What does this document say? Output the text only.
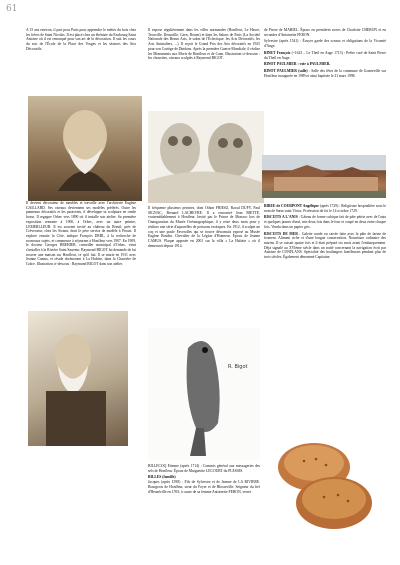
61

A 15 ans environ, il part pour Paris pour apprendre le métier du bois chez les frères de Saint Nicolas. Il est placé chez un ébéniste du Faubourg Saint Antoine où il est remarqué pour son art de la décoration. Il suit les cours du soir de l'École de la Place des Vosges et les séances des Arts Décoratifs.

Il devient décorateur de meubles et travaille avec l'architecte Eugène GAILLARD. Ses oiseaux deviennent ses modèles préférés. Outre les panneaux décoratifs et les paravents, il développe sa sculpture en ronde bosse. Il regagne Orbec vers 1890 où il installe son atelier. Sa première exposition remonte à 1900, à Orbec, avec un autre peintre, LEMERLLEUR. Il est souvent invité au château du Breuil, près de Crèvecœur, chez les Swann, dont le père servira de modèle à Proust. Il explore ensuite la Côte, indique François DEBL, à la recherche de nouveaux sujets, et commence à séjourner à Honfleur vers 1907. En 1909, le docteur Georges BREHIER, conseiller municipal d'Orbec, vient s'installer à la Rivière Saint Sauveur. Raymond BIGOT lui demande de lui trouver une maison sur Honfleur, ce qu'il fait. Il se marie en 1911 avec Jeanne Camus, et réside dorénavant à La Halotte, dans la Charrière de Grâce. Illustration ci-dessous : Raymond BIGOT dans son atelier.

Il expose régulièrement dans les villes normandes (Honfleur, Le Havre, Trouville, Deauville, Caen, Rouen) et dans les Salons de Paris (La Société Nationale des Beaux Arts, le salon de l'Éclectique, les Arts Décoratifs, les Arts Animaliers, ...). Il reçoit le Grand Prix des Arts décoratifs en 1925 pour son Cortège de Dindons. Après la première Guerre Mondiale, il réalise les Monuments aux Morts de Honfleur et de Caen. Illustration ci-dessous : les chouettes, oiseaux sculptés à Raymond BIGOT.

Il fréquente plusieurs peintres, dont Othon FRIESZ, Raoul DUFY, Paul SIGNAC, Bernard LACHEVRE. Il a rencontré Jean BIETTE, vraisemblablement à Honfleur. Invité par le Prince de Monaco lors de l'inauguration du Musée Océanographique, il y reste deux mois pour y réaliser une série d'aquarelles de poissons exotiques. En 1912, il sculpte un coq et une poule Faverolles qui se trouve désormais exposé au Musée Eugène Boudin. Chevalier de la Légion d'Honneur. Époux de Jeanne CAMUS. Plaque apposée en 2001 sur la villa « La Halotte » où il demeurait depuis 1914.

R. Bigot

BILLECOQ Etienne (après 1714) : Commis général aux messageries des sels de Honfleur. Époux de Marguerite LECOURT du PLESSIS.

BILLES (famille)

Jacques (après 1598) : Fils de Sylvestre et de Jeanne de LA RIVIERE. Bourgeois de Honfleur, sieur du Foyer et de Blosseville. Seigneur du fief d'Heuzéville en 1593, à cause de sa femme Antoinette FERON, veuve

de Pierre de MABIEL. Époux en premières noces de Charlotte CHERON et en secondes d'Antoinette FERON.

Sylvestre (après 1541) : Écuyer garde des sceaux et obligations de la Vicomté d'Auge.

BINET François (~1623 – Le Theil en Auge 1713) : Prêtre curé de Saint Pierre du Theil en Auge.

BINOT PAULMIER : voir à PAULMIER.

BINOT PAULMIER (salle) : Salle des fêtes de la commune de Gonneville sur Honfleur inaugurée en 1989 et ainsi baptisée le 21 mars 1998.

BIREE de COURPONT Angélique (après 1729) : Religieuse hospitalière sous le nom de Sœur saint Victor, Profession de foi le 14 octobre 1729.

BISCUITS A L'ANIS : Gâteau de forme cubique fait de pâte pétrie avec de l'anis et quelques jaunes d'œuf, mis deux fois dans le four et coupé en deux entre chaque fois. Vendu dans un papier gris.

BISCUITS DE MER : Galette ronde ou carrée faite avec la pâte de farine de froment. Aliment riche et d'une longue conservation. Nourriture ordinaire des marins. Il se cuisait quatre fois et il était préparé six mois avant l'embarquement. Déjà signalé au XVIème siècle dans un traité concernant la navigation écrit par Antoine de CONFLANS. Spécialité des boulangers honfleurais pendant plus de trois siècles. Également dénommé Capitaine.
